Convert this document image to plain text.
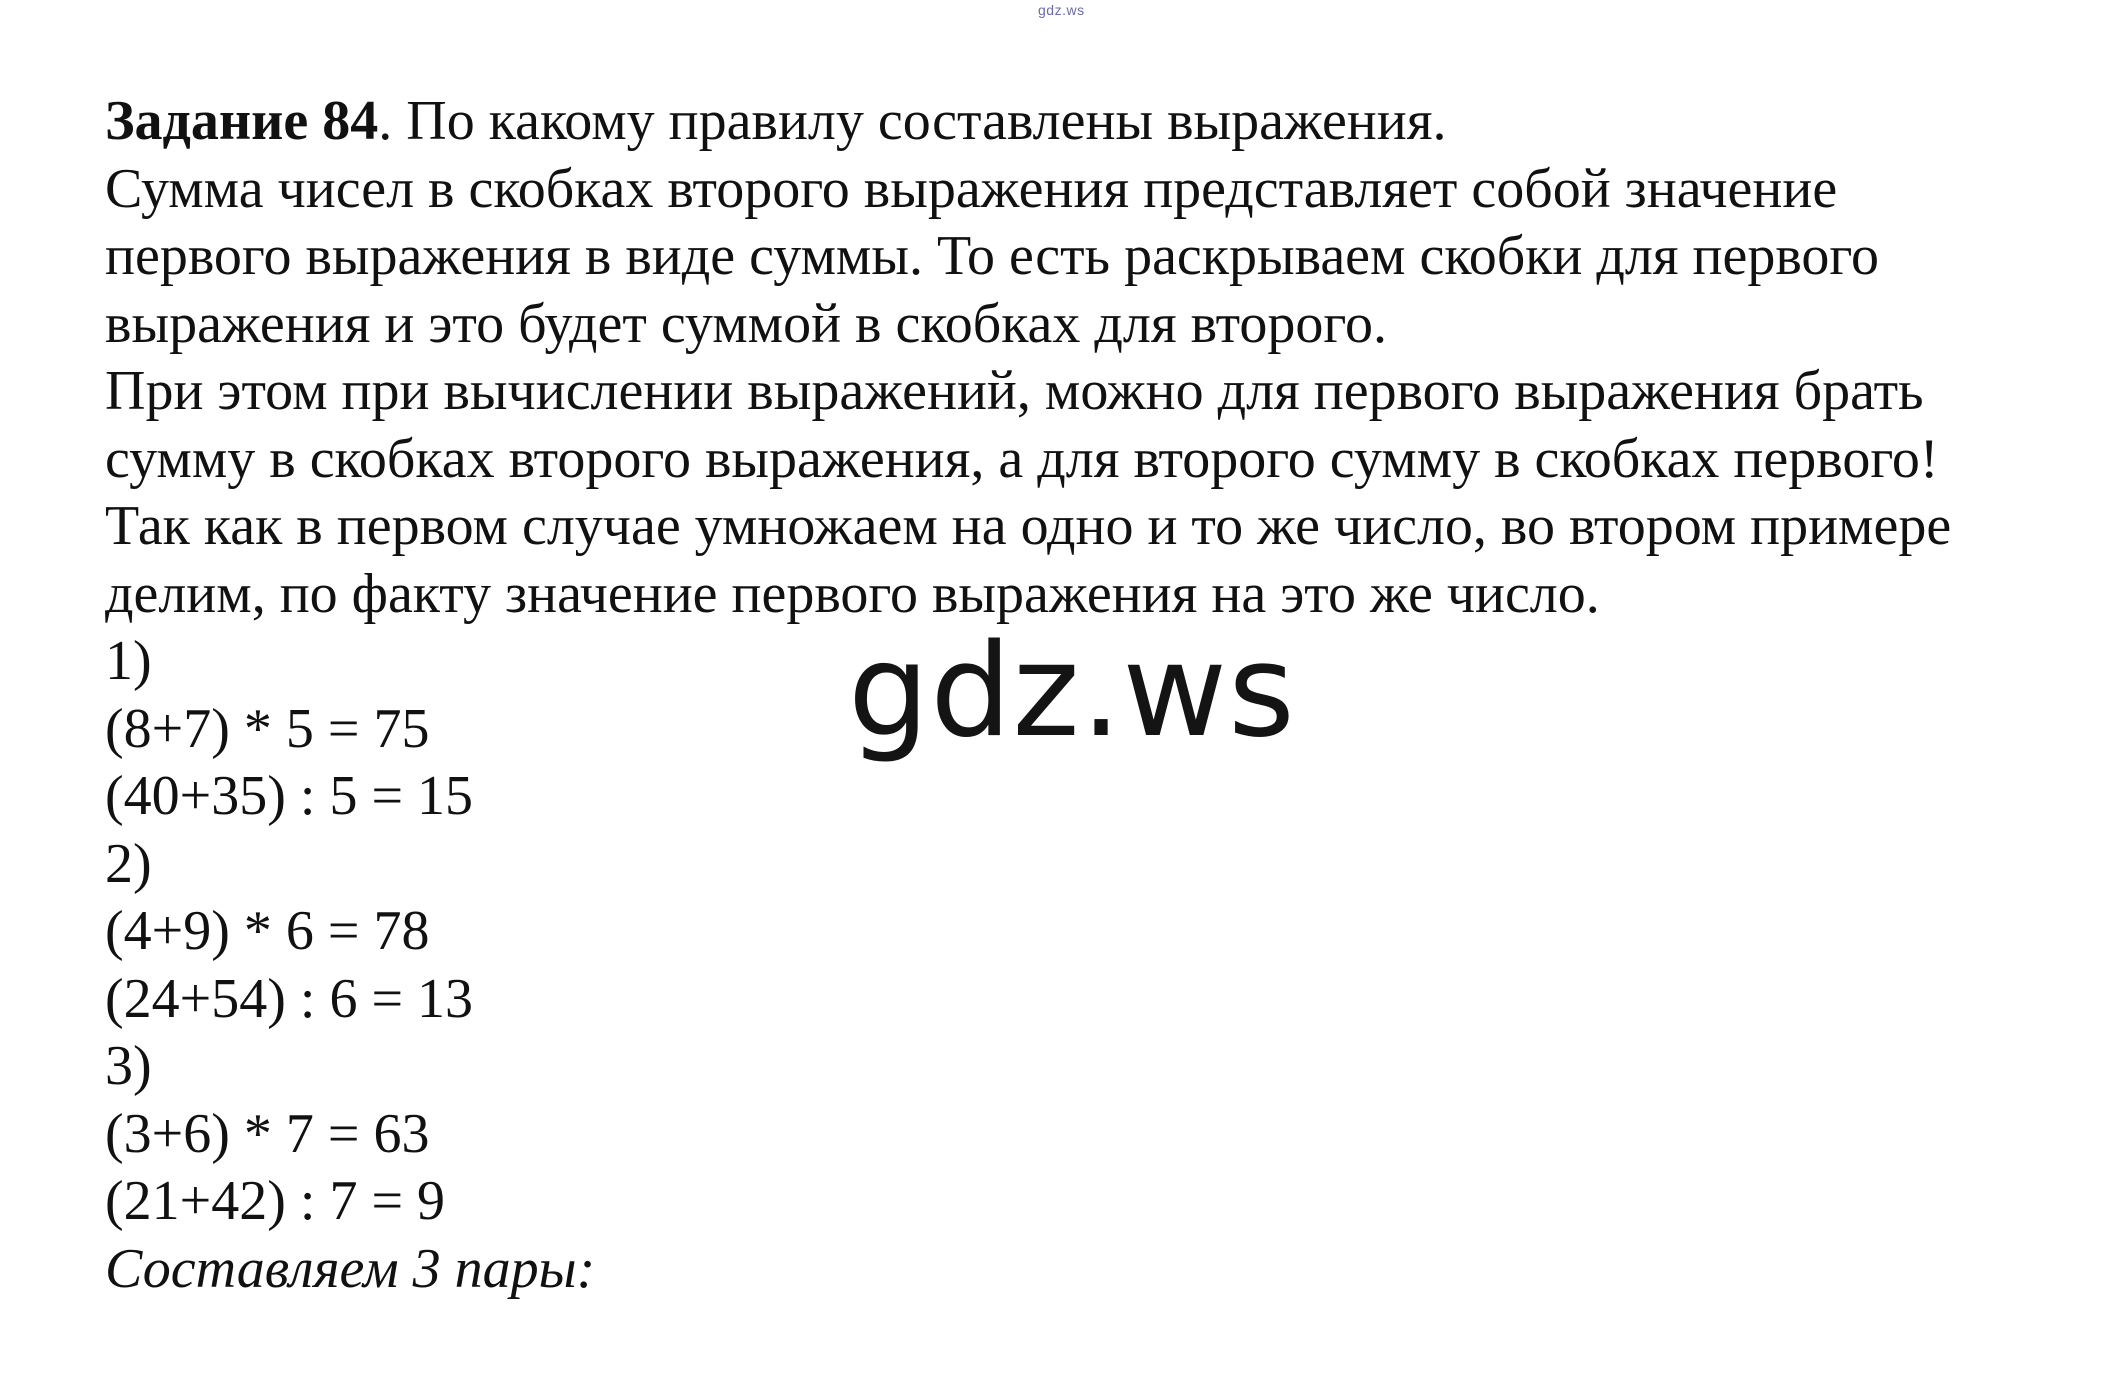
gdz.ws
Задание 84. По какому правилу составлены выражения.
Сумма чисел в скобках второго выражения представляет собой значение
первого выражения в виде суммы. То есть раскрываем скобки для первого
выражения и это будет суммой в скобках для второго.
При этом при вычислении выражений, можно для первого выражения брать
сумму в скобках второго выражения, а для второго сумму в скобках первого!
Так как в первом случае умножаем на одно и то же число, во втором примере
делим, по факту значение первого выражения на это же число.
1)
(8+7) * 5 = 75
(40+35) : 5 = 15
2)
(4+9) * 6 = 78
(24+54) : 6 = 13
3)
(3+6) * 7 = 63
(21+42) : 7 = 9
Составляем 3 пары:
gdz.ws
